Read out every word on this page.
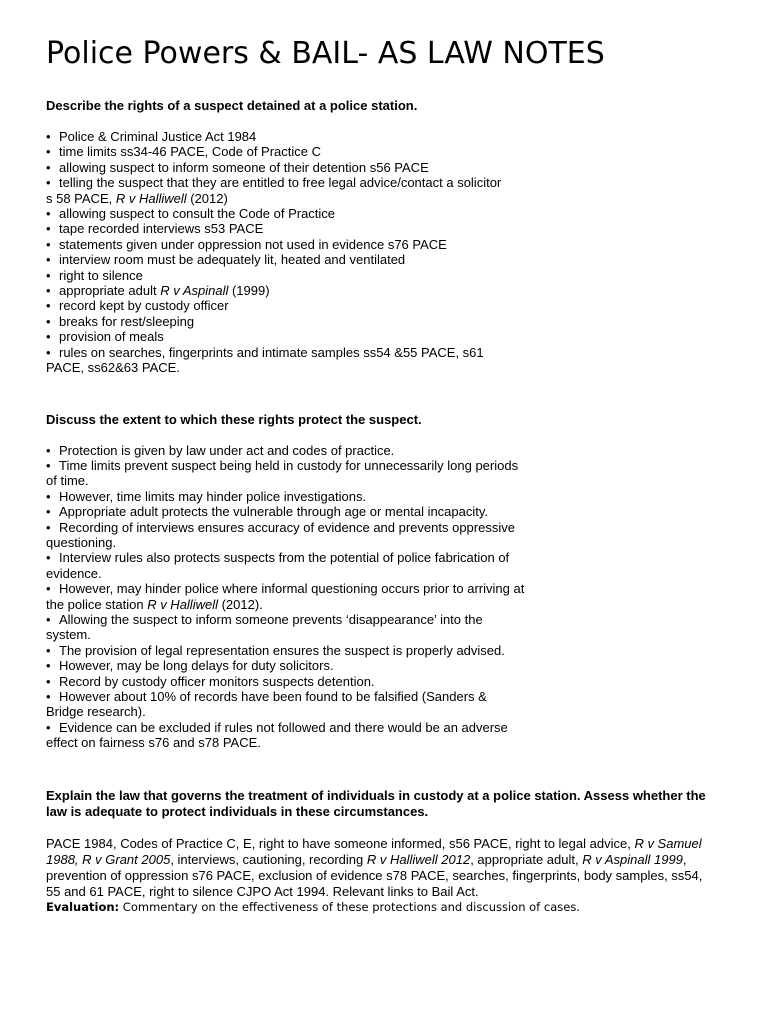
Police Powers & BAIL- AS LAW NOTES

Describe the rights of a suspect detained at a police station.

• Police & Criminal Justice Act 1984
• time limits ss34-46 PACE, Code of Practice C
• allowing suspect to inform someone of their detention s56 PACE
• telling the suspect that they are entitled to free legal advice/contact a solicitor s 58 PACE, R v Halliwell (2012)
• allowing suspect to consult the Code of Practice
• tape recorded interviews s53 PACE
• statements given under oppression not used in evidence s76 PACE
• interview room must be adequately lit, heated and ventilated
• right to silence
• appropriate adult R v Aspinall (1999)
• record kept by custody officer
• breaks for rest/sleeping
• provision of meals
• rules on searches, fingerprints and intimate samples ss54 &55 PACE, s61 PACE, ss62&63 PACE.

Discuss the extent to which these rights protect the suspect.

• Protection is given by law under act and codes of practice.
• Time limits prevent suspect being held in custody for unnecessarily long periods of time.
• However, time limits may hinder police investigations.
• Appropriate adult protects the vulnerable through age or mental incapacity.
• Recording of interviews ensures accuracy of evidence and prevents oppressive questioning.
• Interview rules also protects suspects from the potential of police fabrication of evidence.
• However, may hinder police where informal questioning occurs prior to arriving at the police station R v Halliwell (2012).
• Allowing the suspect to inform someone prevents ‘disappearance’ into the system.
• The provision of legal representation ensures the suspect is properly advised.
• However, may be long delays for duty solicitors.
• Record by custody officer monitors suspects detention.
• However about 10% of records have been found to be falsified (Sanders & Bridge research).
• Evidence can be excluded if rules not followed and there would be an adverse effect on fairness s76 and s78 PACE.

Explain the law that governs the treatment of individuals in custody at a police station. Assess whether the law is adequate to protect individuals in these circumstances.

PACE 1984, Codes of Practice C, E, right to have someone informed, s56 PACE, right to legal advice, R v Samuel 1988, R v Grant 2005, interviews, cautioning, recording R v Halliwell 2012, appropriate adult, R v Aspinall 1999, prevention of oppression s76 PACE, exclusion of evidence s78 PACE, searches, fingerprints, body samples, ss54, 55 and 61 PACE, right to silence CJPO Act 1994. Relevant links to Bail Act.

Evaluation: Commentary on the effectiveness of these protections and discussion of cases.
